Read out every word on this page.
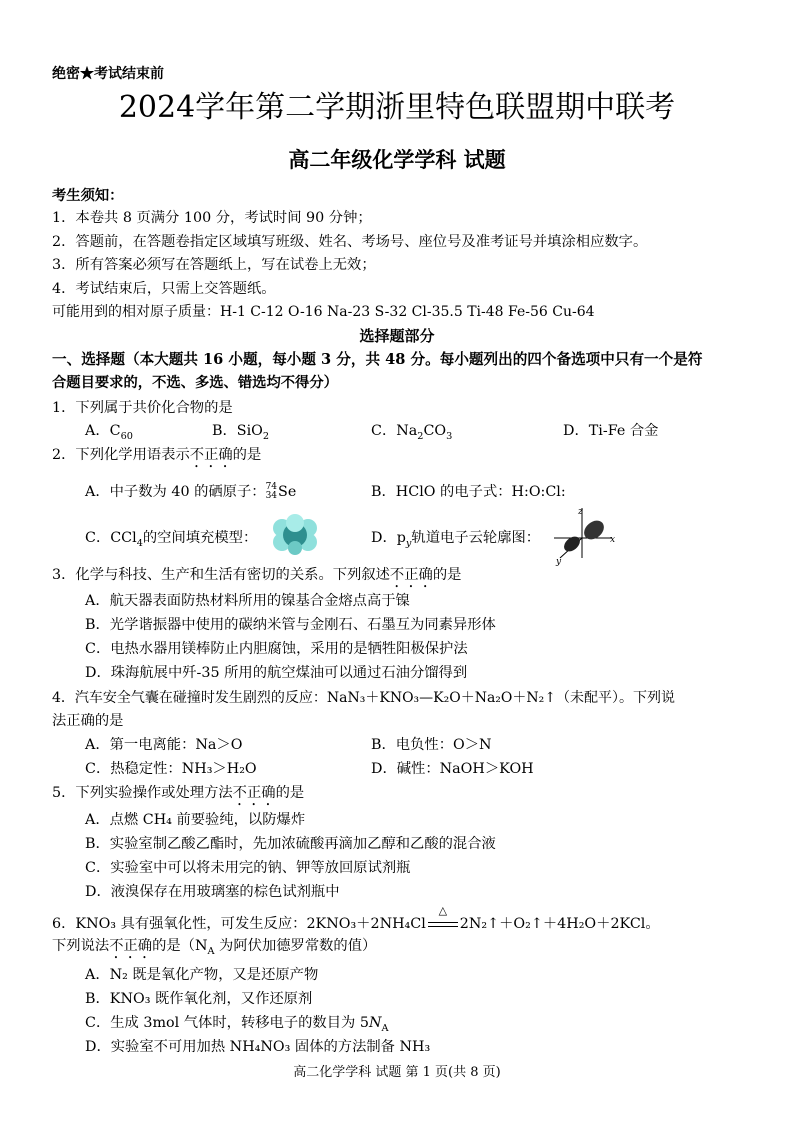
绝密★考试结束前
2024学年第二学期浙里特色联盟期中联考
高二年级化学学科 试题
考生须知：
1．本卷共 8 页满分 100 分，考试时间 90 分钟；
2．答题前，在答题卷指定区域填写班级、姓名、考场号、座位号及准考证号并填涂相应数字。
3．所有答案必须写在答题纸上，写在试卷上无效；
4．考试结束后，只需上交答题纸。
可能用到的相对原子质量：H-1 C-12 O-16 Na-23 S-32 Cl-35.5 Ti-48 Fe-56 Cu-64
选择题部分
一、选择题（本大题共 16 小题，每小题 3 分，共 48 分。每小题列出的四个备选项中只有一个是符
合题目要求的，不选、多选、错选均不得分）
1．下列属于共价化合物的是
A．$C_{60}$	B．SiO$_2$	C．$Na_2CO_3$	D．Ti-Fe 合金
2．下列化学用语表示不正确的是
A．中子数为 40 的硒原子： 74
34 Se	B．HClO 的电子式：H:O:Cl:
C．CCl$_4$的空间填充模型：	D．$p_y$轨道电子云轮廓图：
z
x
y
3．化学与科技、生产和生活有密切的关系。下列叙述不正确的是
A．航天器表面防热材料所用的镍基合金熔点高于镍
B．光学谐振器中使用的碳纳米管与金刚石、石墨互为同素异形体
C．电热水器用镁棒防止内胆腐蚀，采用的是牺牲阳极保护法
D．珠海航展中歼-35 所用的航空煤油可以通过石油分馏得到
4．汽车安全气囊在碰撞时发生剧烈的反应：NaN₃＋KNO₃—K₂O＋Na₂O＋N₂↑（未配平）。下列说
法正确的是
A．第一电离能：Na＞O	B．电负性：O＞N
C．热稳定性：NH₃＞H₂O	D．碱性：NaOH＞KOH
5．下列实验操作或处理方法不正确的是
A．点燃 CH₄ 前要验纯，以防爆炸
B．实验室制乙酸乙酯时，先加浓硫酸再滴加乙醇和乙酸的混合液
C．实验室中可以将未用完的钠、钾等放回原试剂瓶
D．液溴保存在用玻璃塞的棕色试剂瓶中
6．KNO₃ 具有强氧化性，可发生反应：2KNO₃＋2NH₄Cl
△
2N₂↑＋O₂↑＋4H₂O＋2KCl。
下列说法不正确的是（$N_A$ 为阿伏加德罗常数的值）
A．N₂ 既是氧化产物，又是还原产物
B．KNO₃ 既作氧化剂，又作还原剂
C．生成 3mol 气体时，转移电子的数目为 $5N_A$
D．实验室不可用加热 NH₄NO₃ 固体的方法制备 NH₃
高二化学学科 试题 第 1 页(共 8 页)
